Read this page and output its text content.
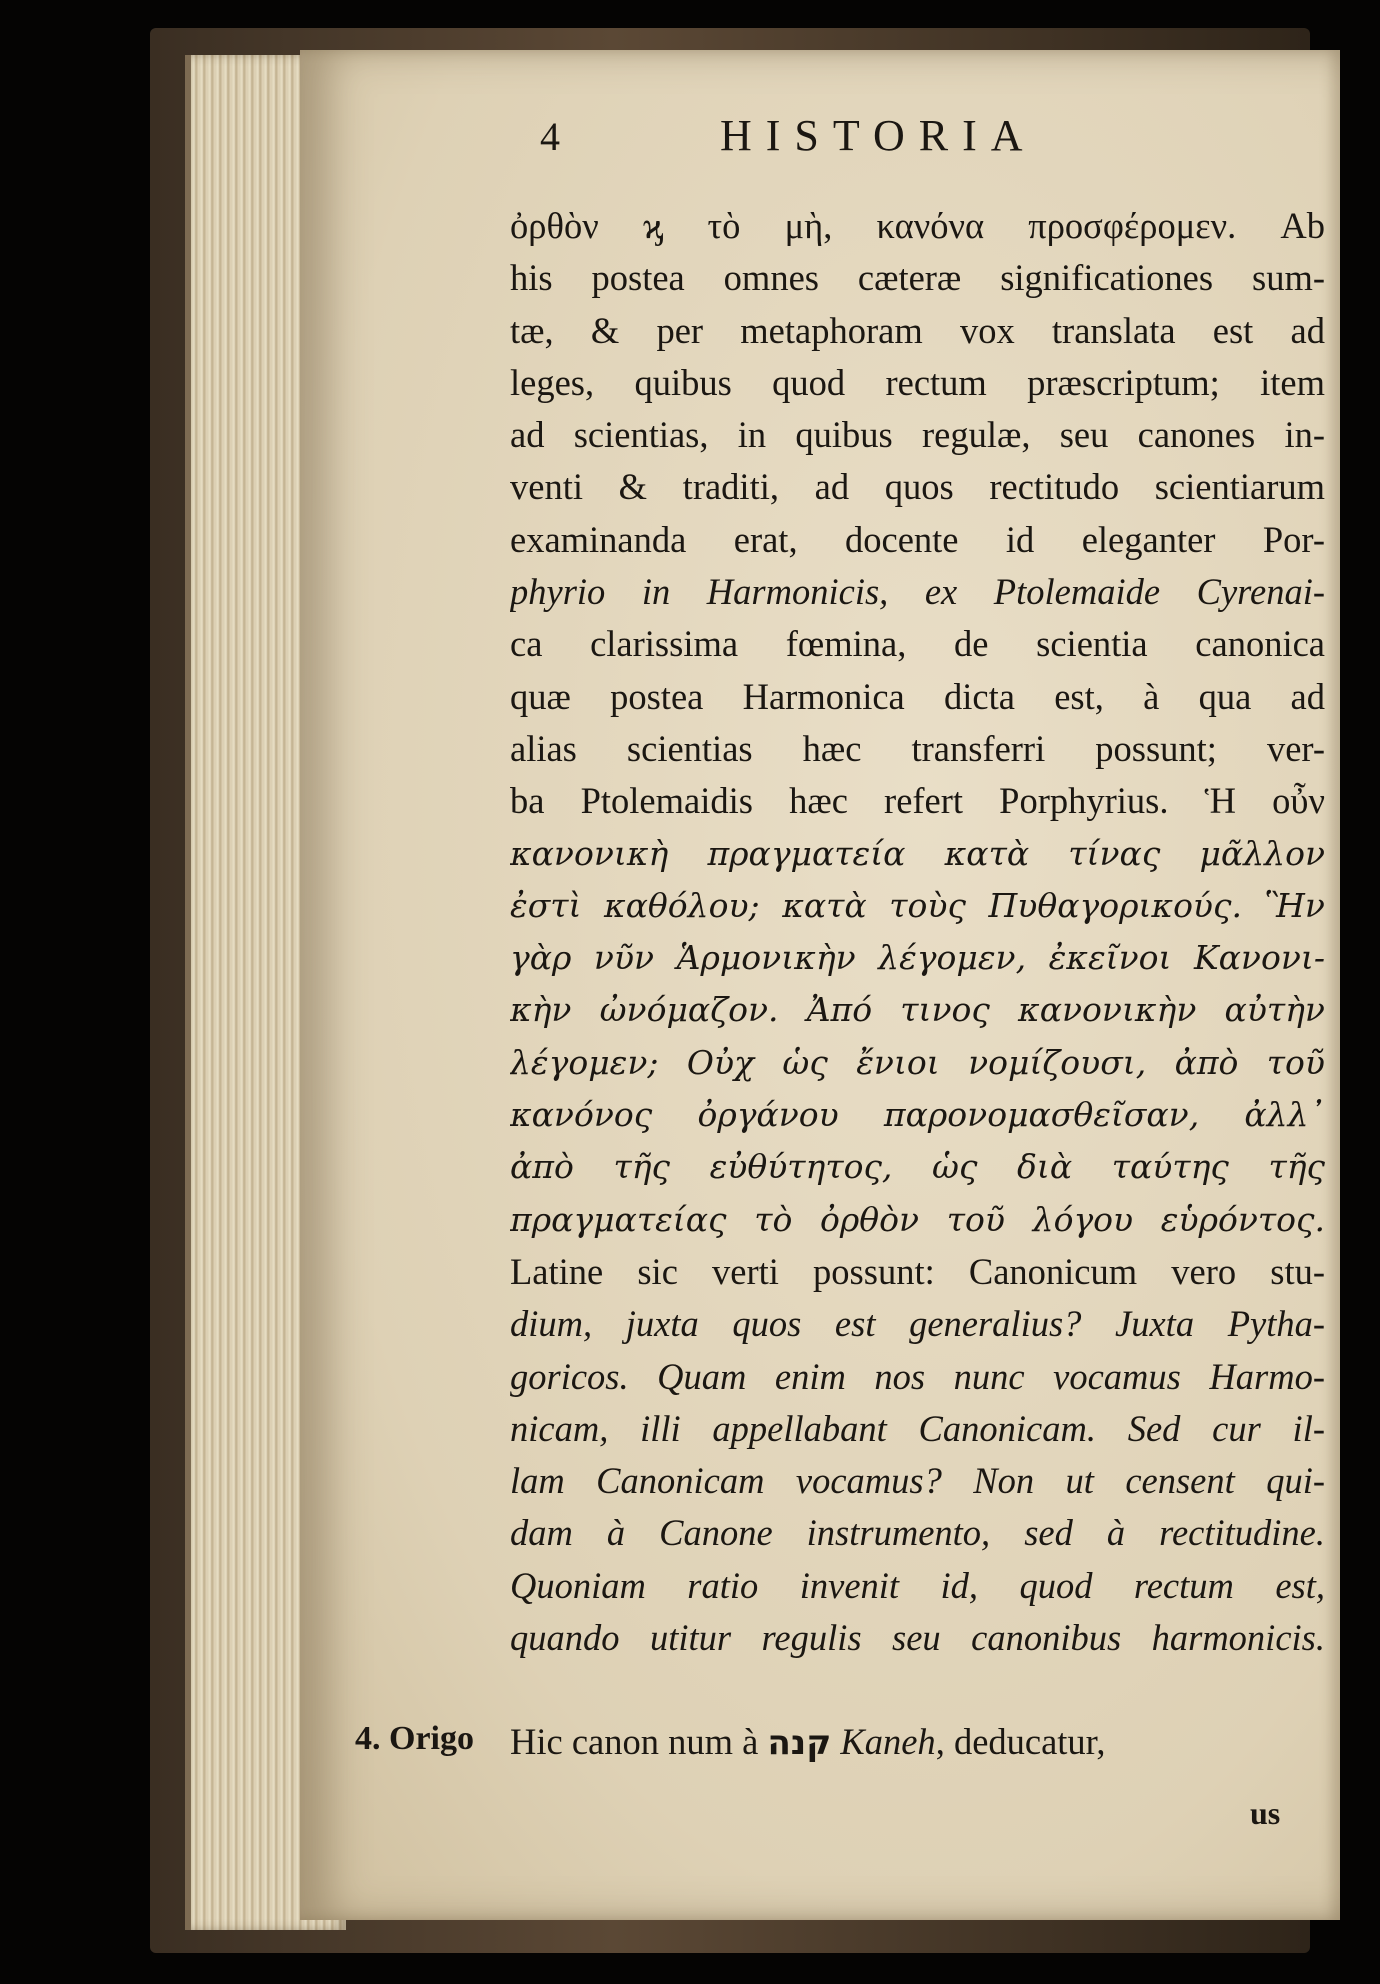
4	HISTORIA
ὀρθὸν ϗ τὸ μὴ, κανόνα προσφέρομεν. Ab
his postea omnes cæteræ significationes sum-
tæ, & per metaphoram vox translata est ad
leges, quibus quod rectum præscriptum; item
ad scientias, in quibus regulæ, seu canones in-
venti & traditi, ad quos rectitudo scientiarum
examinanda erat, docente id eleganter Por-
phyrio in Harmonicis, ex Ptolemaide Cyrenai-
ca clarissima fœmina, de scientia canonica
quæ postea Harmonica dicta est, à qua ad
alias scientias hæc transferri possunt; ver-
ba Ptolemaidis hæc refert Porphyrius. Ἡ οὖν
κανονικὴ πραγματεία κατὰ τίνας μᾶλλον
ἐστὶ καθόλου; κατὰ τοὺς Πυθαγορικούς. Ἣν
γὰρ νῦν Ἁρμονικὴν λέγομεν, ἐκεῖνοι Κανονι-
κὴν ὠνόμαζον. Ἀπό τινος κανονικὴν αὐτὴν
λέγομεν; Οὐχ ὡς ἔνιοι νομίζουσι, ἀπὸ τοῦ
κανόνος ὀργάνου παρονομασθεῖσαν, ἀλλ᾽
ἀπὸ τῆς εὐθύτητος, ὡς διὰ ταύτης τῆς
πραγματείας τὸ ὀρθὸν τοῦ λόγου εὑρόντος.
Latine sic verti possunt: Canonicum vero stu-
dium, juxta quos est generalius? Juxta Pytha-
goricos. Quam enim nos nunc vocamus Harmo-
nicam, illi appellabant Canonicam. Sed cur il-
lam Canonicam vocamus? Non ut censent qui-
dam à Canone instrumento, sed à rectitudine.
Quoniam ratio invenit id, quod rectum est,
quando utitur regulis seu canonibus harmonicis.
4. Origo Hic canon num à קנה Kaneh, deducatur,
us
